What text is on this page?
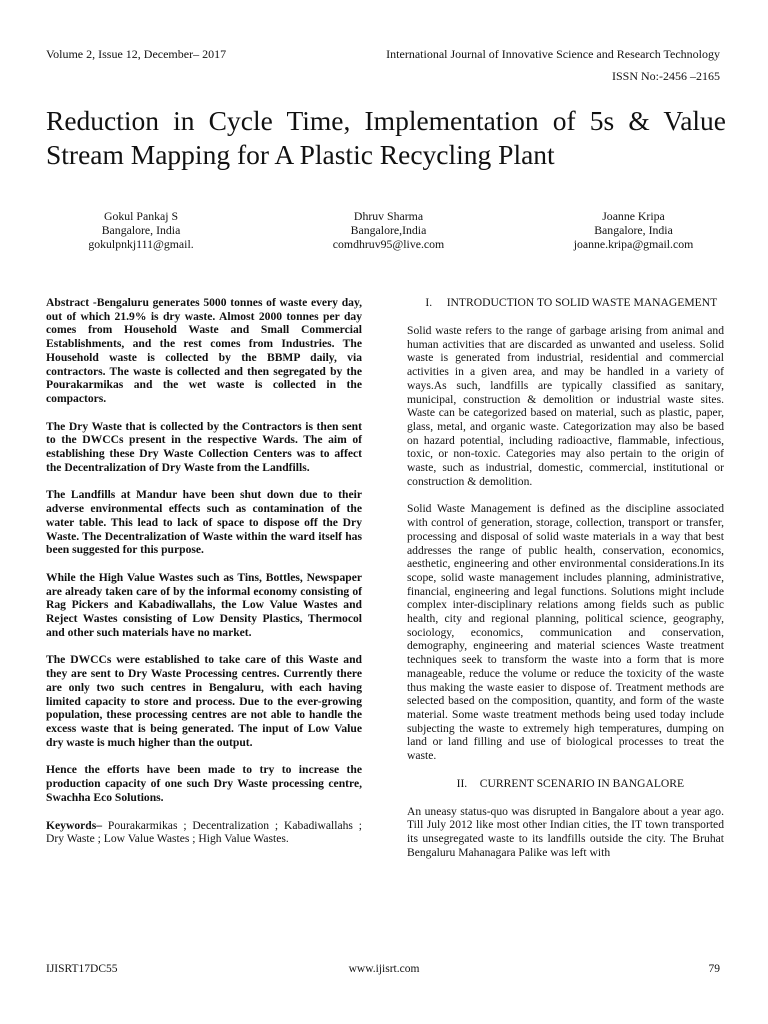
Volume 2, Issue 12, December– 2017	International Journal of Innovative Science and Research Technology
ISSN No:-2456 –2165
Reduction in Cycle Time, Implementation of 5s & Value Stream Mapping for A Plastic Recycling Plant
Gokul Pankaj S
Bangalore, India
gokulpnkj111@gmail.
Dhruv Sharma
Bangalore,India
comdhruv95@live.com
Joanne Kripa
Bangalore, India
joanne.kripa@gmail.com

Abstract -Bengaluru generates 5000 tonnes of waste every day, out of which 21.9% is dry waste. Almost 2000 tonnes per day comes from Household Waste and Small Commercial Establishments, and the rest comes from Industries. The Household waste is collected by the BBMP daily, via contractors. The waste is collected and then segregated by the Pourakarmikas and the wet waste is collected in the compactors.

The Dry Waste that is collected by the Contractors is then sent to the DWCCs present in the respective Wards. The aim of establishing these Dry Waste Collection Centers was to affect the Decentralization of Dry Waste from the Landfills.

The Landfills at Mandur have been shut down due to their adverse environmental effects such as contamination of the water table. This lead to lack of space to dispose off the Dry Waste. The Decentralization of Waste within the ward itself has been suggested for this purpose.

While the High Value Wastes such as Tins, Bottles, Newspaper are already taken care of by the informal economy consisting of Rag Pickers and Kabadiwallahs, the Low Value Wastes and Reject Wastes consisting of Low Density Plastics, Thermocol and other such materials have no market.

The DWCCs were established to take care of this Waste and they are sent to Dry Waste Processing centres. Currently there are only two such centres in Bengaluru, with each having limited capacity to store and process. Due to the ever-growing population, these processing centres are not able to handle the excess waste that is being generated. The input of Low Value dry waste is much higher than the output.

Hence the efforts have been made to try to increase the production capacity of one such Dry Waste processing centre, Swachha Eco Solutions.

Keywords– Pourakarmikas ; Decentralization ; Kabadiwallahs ; Dry Waste ; Low Value Wastes ; High Value Wastes.

I. INTRODUCTION TO SOLID WASTE MANAGEMENT

Solid waste refers to the range of garbage arising from animal and human activities that are discarded as unwanted and useless. Solid waste is generated from industrial, residential and commercial activities in a given area, and may be handled in a variety of ways.As such, landfills are typically classified as sanitary, municipal, construction & demolition or industrial waste sites. Waste can be categorized based on material, such as plastic, paper, glass, metal, and organic waste. Categorization may also be based on hazard potential, including radioactive, flammable, infectious, toxic, or non-toxic. Categories may also pertain to the origin of waste, such as industrial, domestic, commercial, institutional or construction & demolition.

Solid Waste Management is defined as the discipline associated with control of generation, storage, collection, transport or transfer, processing and disposal of solid waste materials in a way that best addresses the range of public health, conservation, economics, aesthetic, engineering and other environmental considerations.In its scope, solid waste management includes planning, administrative, financial, engineering and legal functions. Solutions might include complex inter-disciplinary relations among fields such as public health, city and regional planning, political science, geography, sociology, economics, communication and conservation, demography, engineering and material sciences Waste treatment techniques seek to transform the waste into a form that is more manageable, reduce the volume or reduce the toxicity of the waste thus making the waste easier to dispose of. Treatment methods are selected based on the composition, quantity, and form of the waste material. Some waste treatment methods being used today include subjecting the waste to extremely high temperatures, dumping on land or land filling and use of biological processes to treat the waste.

II. CURRENT SCENARIO IN BANGALORE

An uneasy status-quo was disrupted in Bangalore about a year ago. Till July 2012 like most other Indian cities, the IT town transported its unsegregated waste to its landfills outside the city. The Bruhat Bengaluru Mahanagara Palike was left with

IJISRT17DC55	www.ijisrt.com	79
